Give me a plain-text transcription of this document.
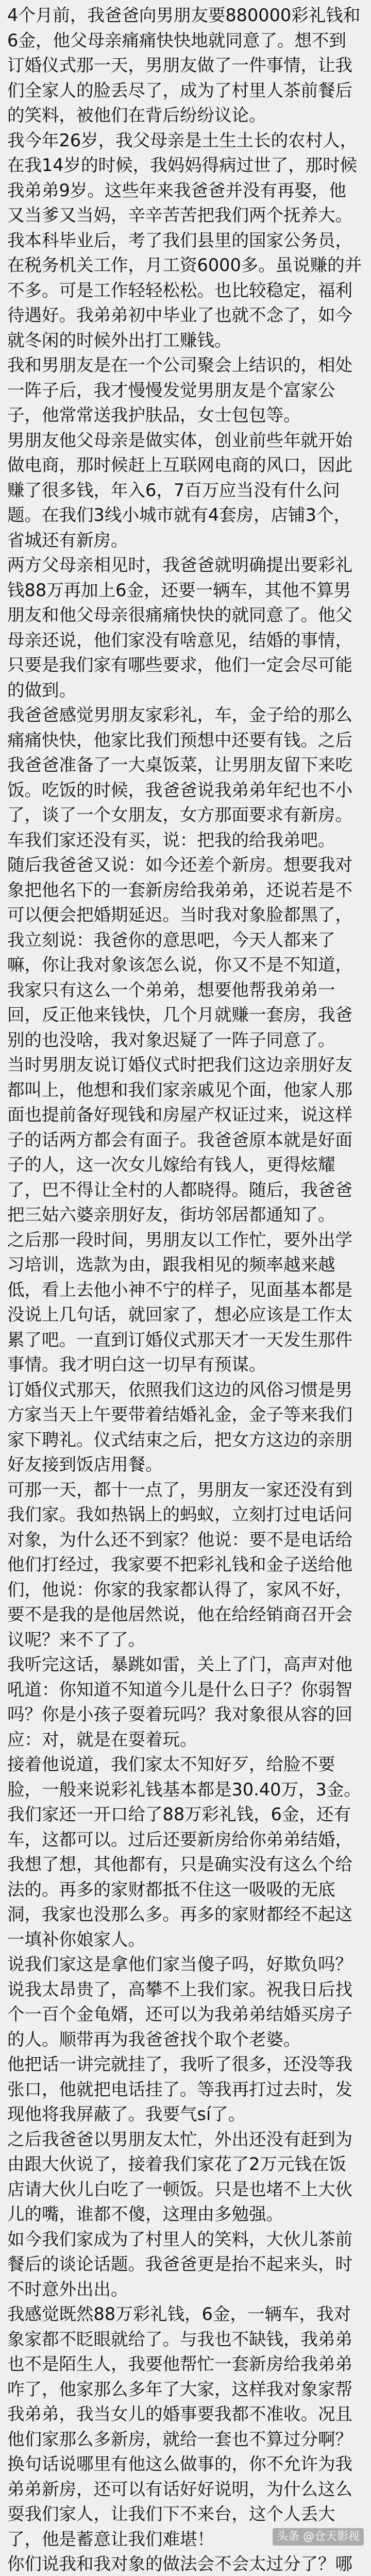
4个月前，我爸爸向男朋友要880000彩礼钱和6金，他父母亲痛痛快快地就同意了。想不到订婚仪式那一天，男朋友做了一件事情，让我们全家人的脸丢尽了，成为了村里人茶前餐后的笑料，被他们在背后纷纷议论。

我今年26岁，我父母亲是土生土长的农村人，在我14岁的时候，我妈妈得病过世了，那时候我弟弟9岁。这些年来我爸爸并没有再娶，他又当爹又当妈，辛辛苦苦把我们两个抚养大。

我本科毕业后，考了我们县里的国家公务员，在税务机关工作，月工资6000多。虽说赚的并不多。可是工作轻轻松松。也比较稳定，福利待遇好。我弟弟初中毕业了也就不念了，如今就冬闲的时候外出打工赚钱。

我和男朋友是在一个公司聚会上结识的，相处一阵子后，我才慢慢发觉男朋友是个富家公子，他常常送我护肤品，女士包包等。

男朋友他父母亲是做实体，创业前些年就开始做电商，那时候赶上互联网电商的风口，因此赚了很多钱，年入6，7百万应当没有什么问题。在我们3线小城市就有4套房，店铺3个，省城还有新房。

两方父母亲相见时，我爸爸就明确提出要彩礼钱88万再加上6金，还要一辆车，其他不算男朋友和他父母亲很痛痛快快的就同意了。他父母亲还说，他们家没有啥意见，结婚的事情，只要是我们家有哪些要求，他们一定会尽可能的做到。

我爸爸感觉男朋友家彩礼，车，金子给的那么痛痛快快，他家比我们预想中还要有钱。之后我爸爸准备了一大桌饭菜，让男朋友留下来吃饭。吃饭的时候，我爸爸说我弟弟年纪也不小了，谈了一个女朋友，女方那面要求有新房。车我们家还没有买，说：把我的给我弟吧。

随后我爸爸又说：如今还差个新房。想要我对象把他名下的一套新房给我弟弟，还说若是不可以便会把婚期延迟。当时我对象脸都黑了，我立刻说：我爸你的意思吧，今天人都来了嘛，你让我对象该怎么说，你又不是不知道，我家只有这么一个弟弟，想要他帮我弟弟一回，反正他来钱快，几个月就赚一套房，我爸别的也没啥，我对象迟疑了一阵子同意了。

当时男朋友说订婚仪式时把我们这边亲朋好友都叫上，他想和我们家亲戚见个面，他家人那面也提前备好现钱和房屋产权证过来，说这样子的话两方都会有面子。我爸爸原本就是好面子的人，这一次女儿嫁给有钱人，更得炫耀了，巴不得让全村的人都晓得。随后，我爸爸把三姑六婆亲朋好友，街坊邻居都通知了。

之后那一段时间，男朋友以工作忙，要外出学习培训，选款为由，跟我相见的频率越来越低，看上去他小神不宁的样子，见面基本都是没说上几句话，就回家了，想必应该是工作太累了吧。一直到订婚仪式那天才一天发生那件事情。我才明白这一切早有预谋。

订婚仪式那天，依照我们这边的风俗习惯是男方家当天上午要带着结婚礼金，金子等来我们家下聘礼。仪式结束之后，把女方这边的亲朋好友接到饭店用餐。

可那一天，都十一点了，男朋友一家还没有到我们家。我如热锅上的蚂蚁，立刻打过电话问对象，为什么还不到家？他说：要不是电话给他们打经过，我家要不把彩礼钱和金子送给他们，他说：你家的我家都认得了，家风不好，要不是我的是他居然说，他在给经销商召开会议呢？来不了了。

我听完这话，暴跳如雷，关上了门，高声对他吼道：你知道不知道今儿是什么日子？你弱智吗？你是小孩子耍着玩吗？我对象很从容的回应：对，就是在耍着玩。

接着他说道，我们家太不知好歹，给脸不要脸，一般来说彩礼钱基本都是30.40万，3金。我们家还一开口给了88万彩礼钱，6金，还有车，这都可以。过后还要新房给你弟弟结婚，我想了想，其他都有，只是确实没有这么个给法的。再多的家财都抵不住这一吸吸的无底洞，我家也没那么多。再多的家财都经不起这一填补你娘家人。

说我们家这是拿他们家当傻子吗，好欺负吗？说我太昂贵了，高攀不上我们家。祝我日后找个一百个金龟婿，还可以为我弟弟结婚买房子的人。顺带再为我爸爸找个取个老婆。

他把话一讲完就挂了，我听了很多，还没等我张口，他就把电话挂了。等我再打过去时，发现他将我屏蔽了。我要气sí了。

之后我爸爸以男朋友太忙，外出还没有赶到为由跟大伙说了，接着我们家花了2万元钱在饭店请大伙儿白吃了一顿饭。只是也堵不上大伙儿的嘴，谁都不傻，这理由多勉强。

如今我们家成为了村里人的笑料，大伙儿茶前餐后的谈论话题。我爸爸更是抬不起来头，时不时意外出出。

我感觉既然88万彩礼钱，6金，一辆车，我对象家都不眨眼就给了。与我也不缺钱，我弟弟也不是陌生人，我要他帮忙一套新房给我弟弟咋了，他家那么多年了大家，这样我对象家帮我弟弟，我当女儿的婚事要我都不准收。况且他们家那么多新房，就给一套也不算过分啊？

换句话说哪里有他这么做事的，你不允许为我弟弟新房，还可以有话好好说明，为什么这么耍我们家人，让我们下不来台，这个人丢大了，他是蓄意让我们难堪！

你们说我和我对象的做法会不会太过分了？哪

头条 @仓天影视
